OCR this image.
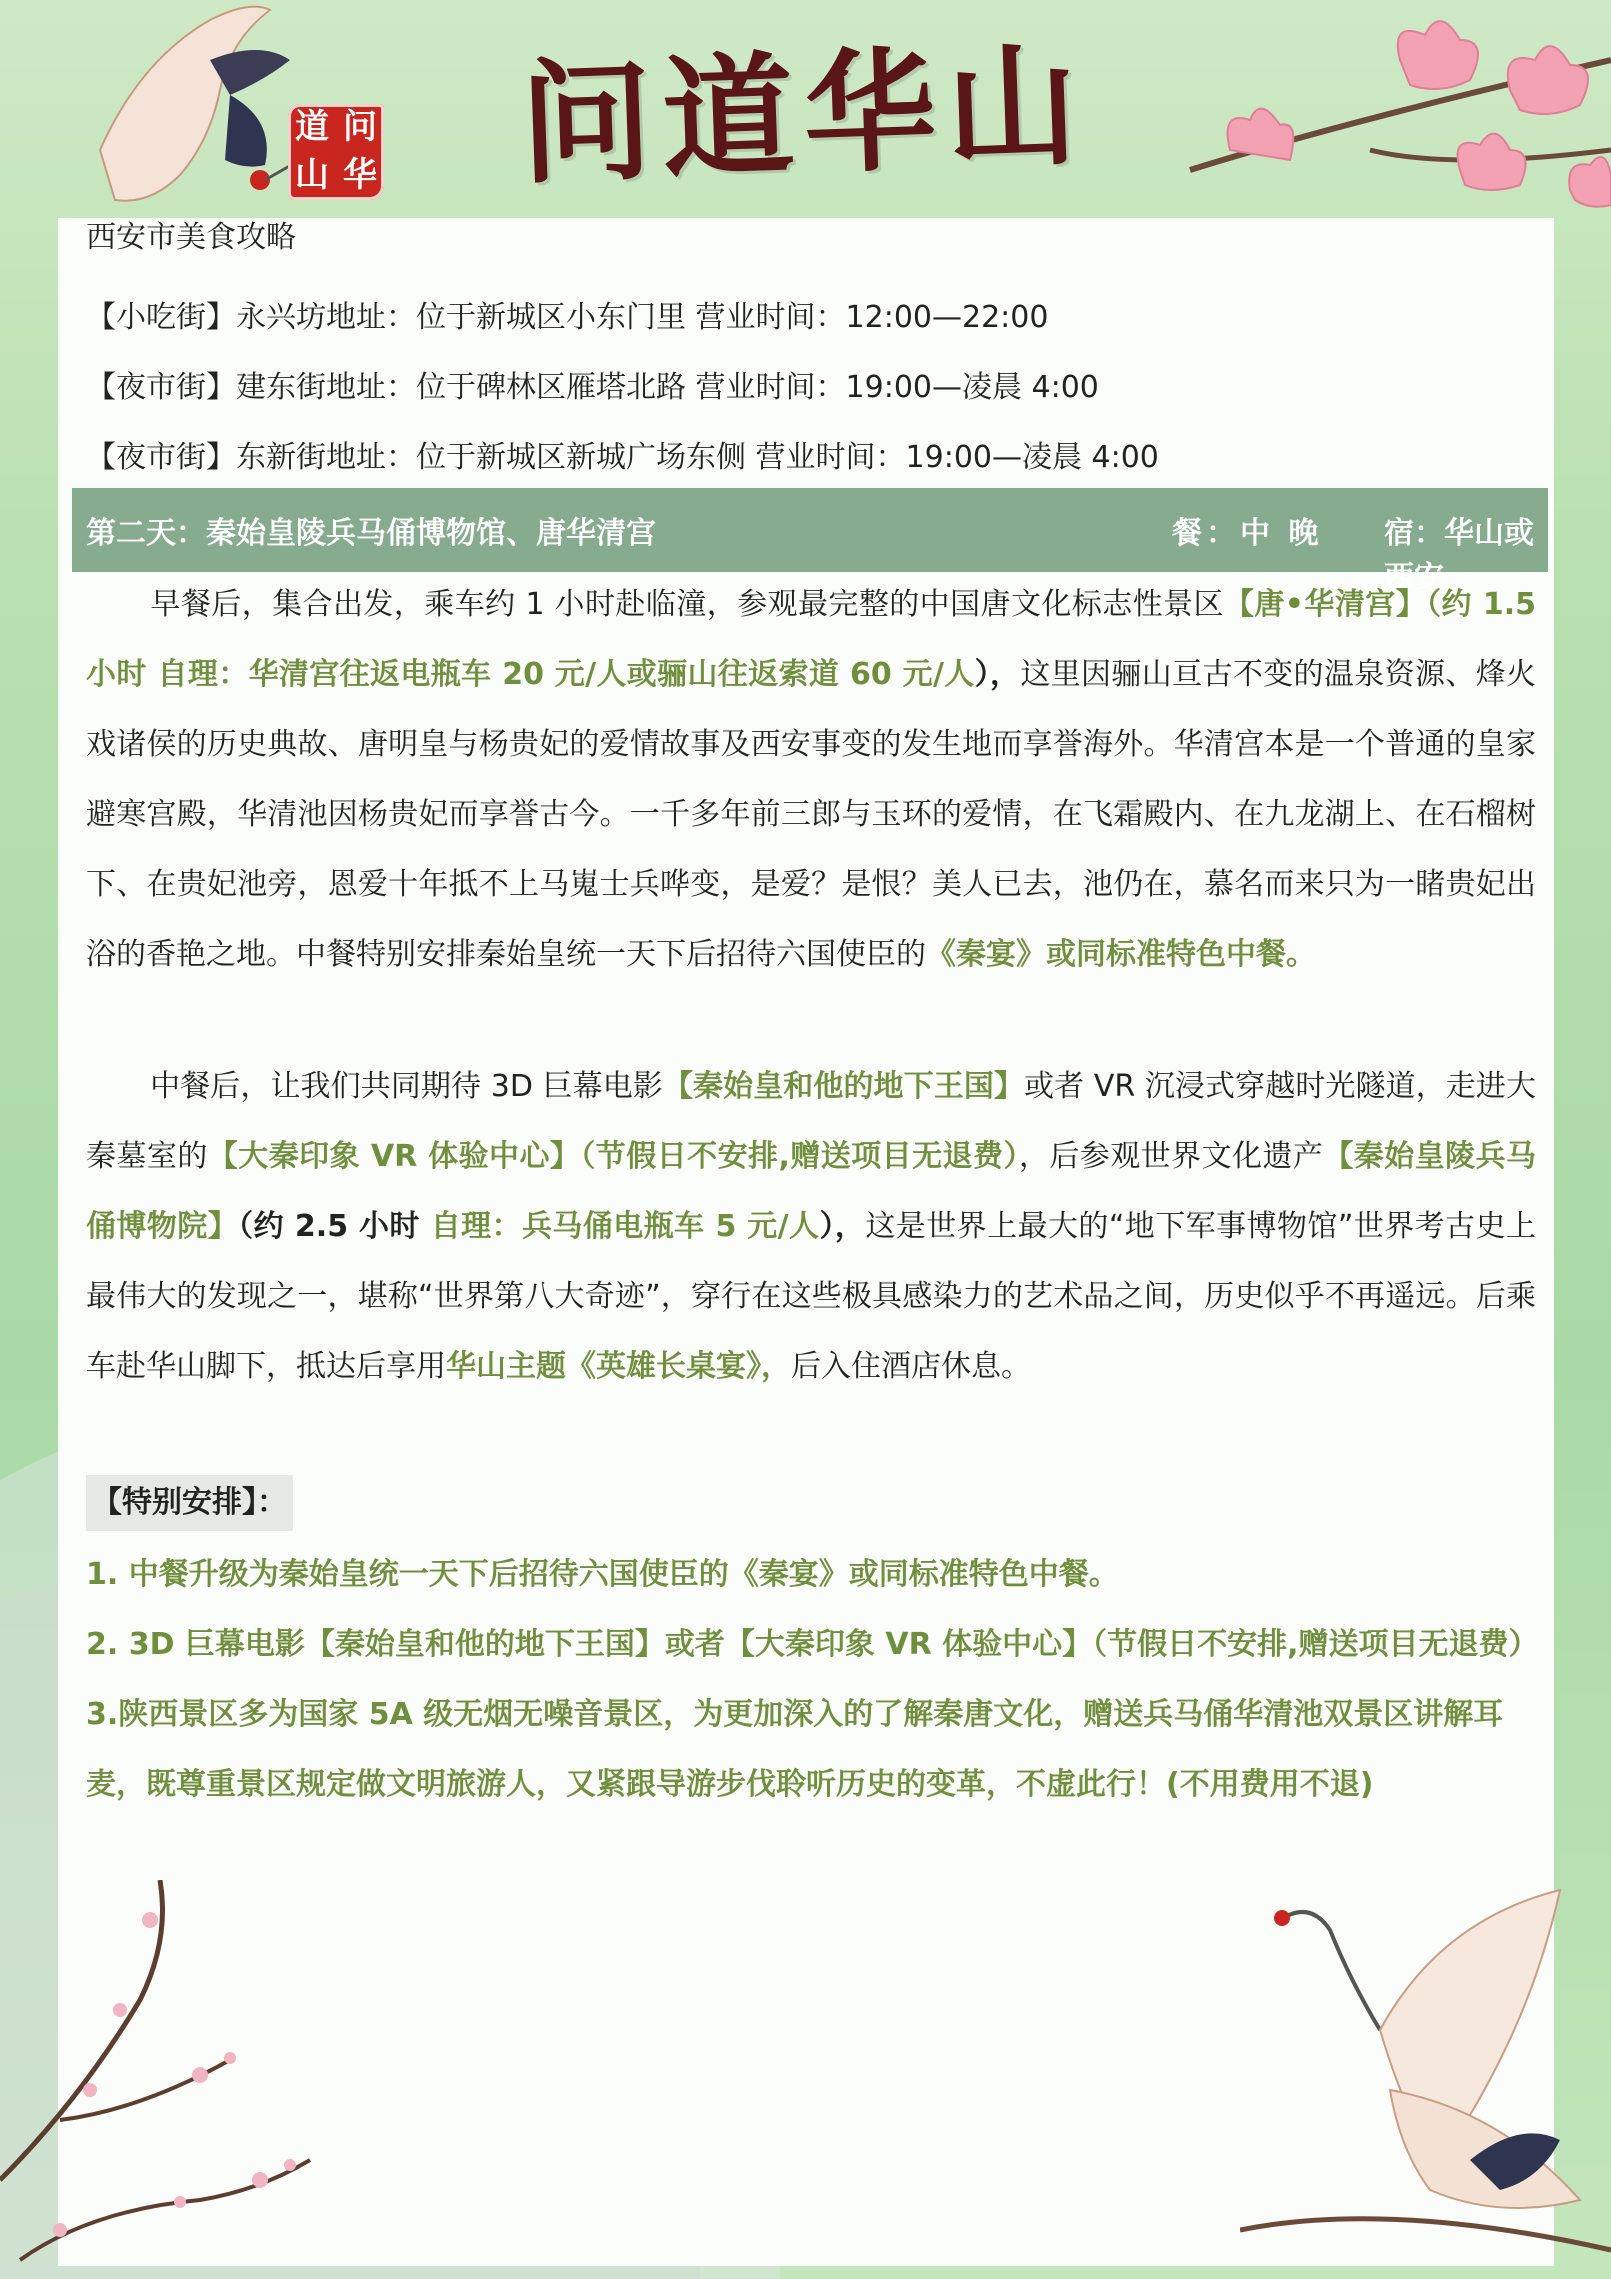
道 问
山 华 问道华山

西安市美食攻略

【小吃街】永兴坊地址：位于新城区小东门里 营业时间：12:00—22:00

【夜市街】建东街地址：位于碑林区雁塔北路 营业时间：19:00—凌晨 4:00

【夜市街】东新街地址：位于新城区新城广场东侧 营业时间：19:00—凌晨 4:00

第二天：秦始皇陵兵马俑博物馆、唐华清宫	餐：中 晚 宿：华山或西安
早餐后，集合出发，乘车约 1 小时赴临潼，参观最完整的中国唐文化标志性景区【唐•华清宫】（约 1.5 小时 自理：华清宫往返电瓶车 20 元/人或骊山往返索道 60 元/人），这里因骊山亘古不变的温泉资源、烽火戏诸侯的历史典故、唐明皇与杨贵妃的爱情故事及西安事变的发生地而享誉海外。华清宫本是一个普通的皇家避寒宫殿，华清池因杨贵妃而享誉古今。一千多年前三郎与玉环的爱情，在飞霜殿内、在九龙湖上、在石榴树下、在贵妃池旁，恩爱十年抵不上马嵬士兵哗变，是爱？是恨？美人已去，池仍在，慕名而来只为一睹贵妃出浴的香艳之地。中餐特别安排秦始皇统一天下后招待六国使臣的《秦宴》或同标准特色中餐。
中餐后，让我们共同期待 3D 巨幕电影【秦始皇和他的地下王国】或者 VR 沉浸式穿越时光隧道，走进大秦墓室的【大秦印象 VR 体验中心】（节假日不安排,赠送项目无退费），后参观世界文化遗产【秦始皇陵兵马俑博物院】（约 2.5 小时 自理：兵马俑电瓶车 5 元/人），这是世界上最大的“地下军事博物馆”世界考古史上最伟大的发现之一，堪称“世界第八大奇迹”，穿行在这些极具感染力的艺术品之间，历史似乎不再遥远。后乘车赴华山脚下，抵达后享用华山主题《英雄长桌宴》，后入住酒店休息。
【特别安排】：

1. 中餐升级为秦始皇统一天下后招待六国使臣的《秦宴》或同标准特色中餐。

2. 3D 巨幕电影【秦始皇和他的地下王国】或者【大秦印象 VR 体验中心】（节假日不安排,赠送项目无退费）

3.陕西景区多为国家 5A 级无烟无噪音景区，为更加深入的了解秦唐文化，赠送兵马俑华清池双景区讲解耳麦，既尊重景区规定做文明旅游人，又紧跟导游步伐聆听历史的变革，不虚此行！(不用费用不退)
